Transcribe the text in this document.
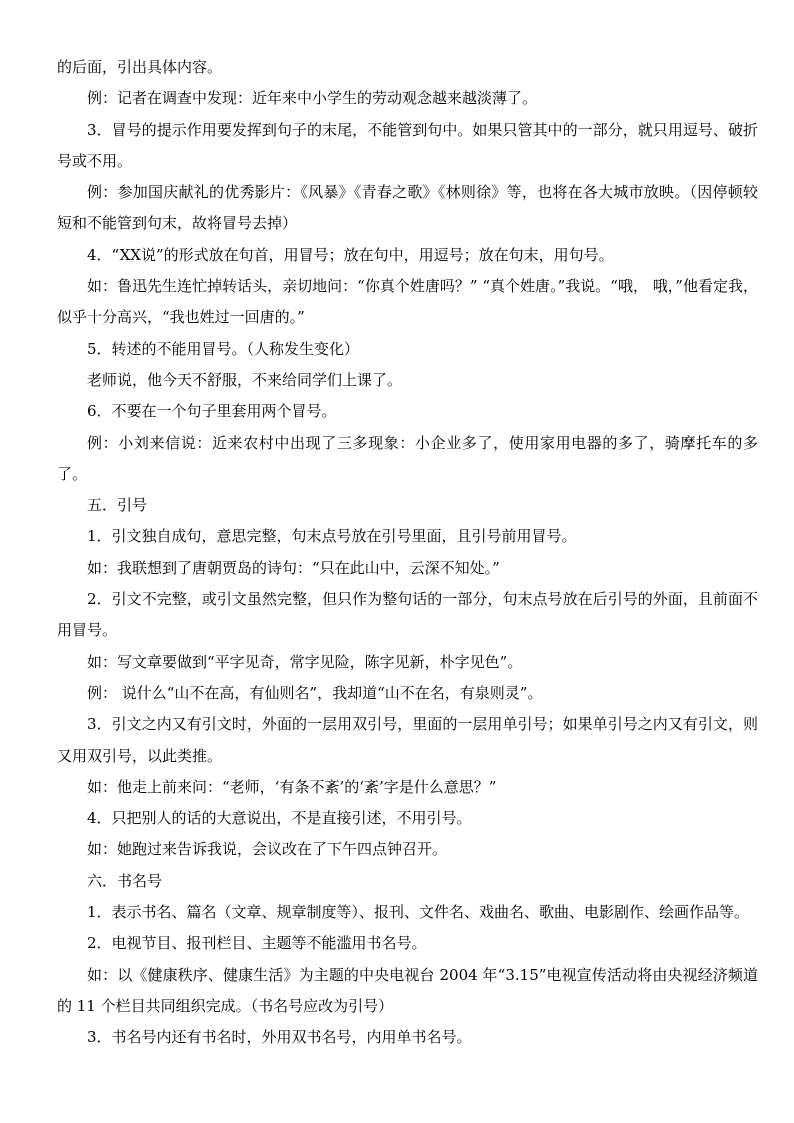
的后面，引出具体内容。

例：记者在调查中发现：近年来中小学生的劳动观念越来越淡薄了。

3．冒号的提示作用要发挥到句子的末尾，不能管到句中。如果只管其中的一部分，就只用逗号、破折号或不用。

例：参加国庆献礼的优秀影片：《风暴》《青春之歌》《林则徐》等，也将在各大城市放映。（因停顿较短和不能管到句末，故将冒号去掉）

4．“XX说”的形式放在句首，用冒号；放在句中，用逗号；放在句末，用句号。

如：鲁迅先生连忙掉转话头，亲切地问：“你真个姓唐吗？” “真个姓唐。”我说。“哦， 哦，”他看定我，似乎十分高兴，“我也姓过一回唐的。”

5．转述的不能用冒号。（人称发生变化）

老师说，他今天不舒服，不来给同学们上课了。

6．不要在一个句子里套用两个冒号。

例：小刘来信说：近来农村中出现了三多现象：小企业多了，使用家用电器的多了，骑摩托车的多了。

五．引号

1．引文独自成句，意思完整，句末点号放在引号里面，且引号前用冒号。

如：我联想到了唐朝贾岛的诗句：“只在此山中，云深不知处。”

2．引文不完整，或引文虽然完整，但只作为整句话的一部分，句末点号放在后引号的外面，且前面不用冒号。

如：写文章要做到“平字见奇，常字见险，陈字见新，朴字见色”。

例： 说什么“山不在高，有仙则名”，我却道“山不在名，有泉则灵”。

3．引文之内又有引文时，外面的一层用双引号，里面的一层用单引号；如果单引号之内又有引文，则又用双引号，以此类推。

如：他走上前来问：“老师，‘有条不紊’的‘紊’字是什么意思？”

4．只把别人的话的大意说出，不是直接引述，不用引号。

如：她跑过来告诉我说，会议改在了下午四点钟召开。

六．书名号

1．表示书名、篇名（文章、规章制度等）、报刊、文件名、戏曲名、歌曲、电影剧作、绘画作品等。

2．电视节目、报刊栏目、主题等不能滥用书名号。

如：以《健康秩序、健康生活》为主题的中央电视台 2004 年“3.15”电视宣传活动将由央视经济频道的 11 个栏目共同组织完成。（书名号应改为引号）

3．书名号内还有书名时，外用双书名号，内用单书名号。
